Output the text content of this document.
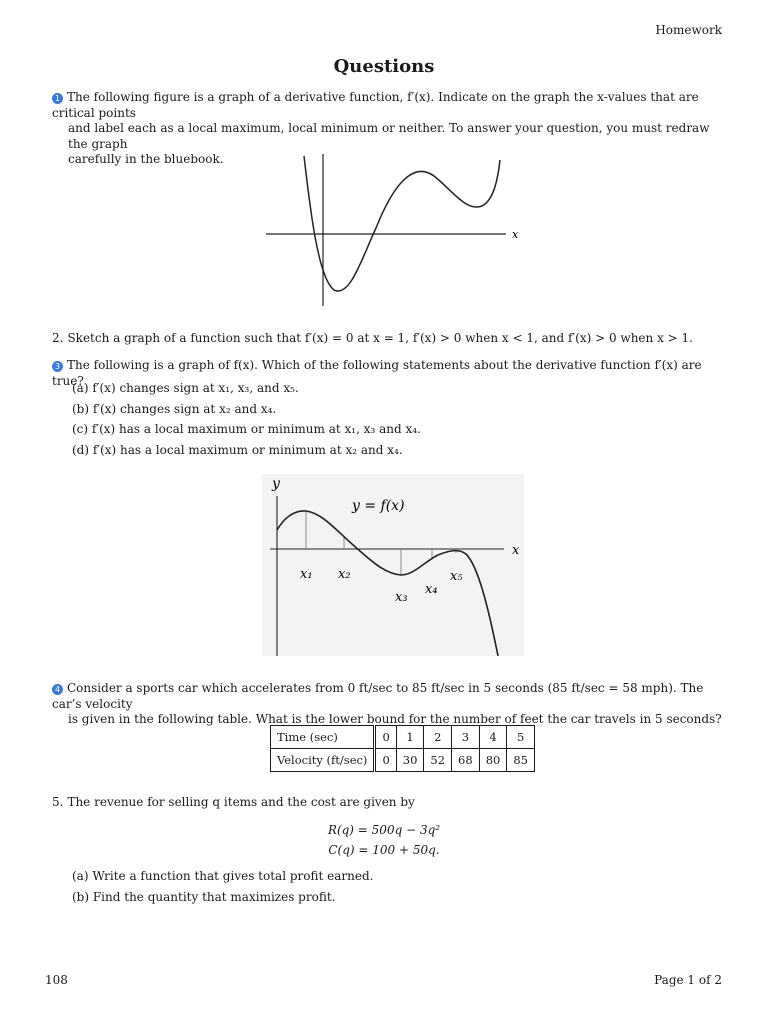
Homework
Questions
1 The following figure is a graph of a derivative function, f′(x). Indicate on the graph the x-values that are critical points
and label each as a local maximum, local minimum or neither. To answer your question, you must redraw the graph
carefully in the bluebook.
x
2. Sketch a graph of a function such that f′(x) = 0 at x = 1, f′(x) > 0 when x < 1, and f′(x) > 0 when x > 1.
3 The following is a graph of f(x). Which of the following statements about the derivative function f′(x) are true?
(a) f′(x) changes sign at x₁, x₃, and x₅.
(b) f′(x) changes sign at x₂ and x₄.
(c) f′(x) has a local maximum or minimum at x₁, x₃ and x₄.
(d) f′(x) has a local maximum or minimum at x₂ and x₄.
y
x
y = f(x)
x₁ x₂
x₃
x₄
x₅
4 Consider a sports car which accelerates from 0 ft/sec to 85 ft/sec in 5 seconds (85 ft/sec = 58 mph). The car’s velocity
is given in the following table. What is the lower bound for the number of feet the car travels in 5 seconds?
Time (sec)	0	1	2	3	4	5
Velocity (ft/sec)	0	30	52	68	80	85
5. The revenue for selling q items and the cost are given by
R(q) = 500q − 3q²
C(q) = 100 + 50q.
(a) Write a function that gives total profit earned.
(b) Find the quantity that maximizes profit.
108	Page 1 of 2
